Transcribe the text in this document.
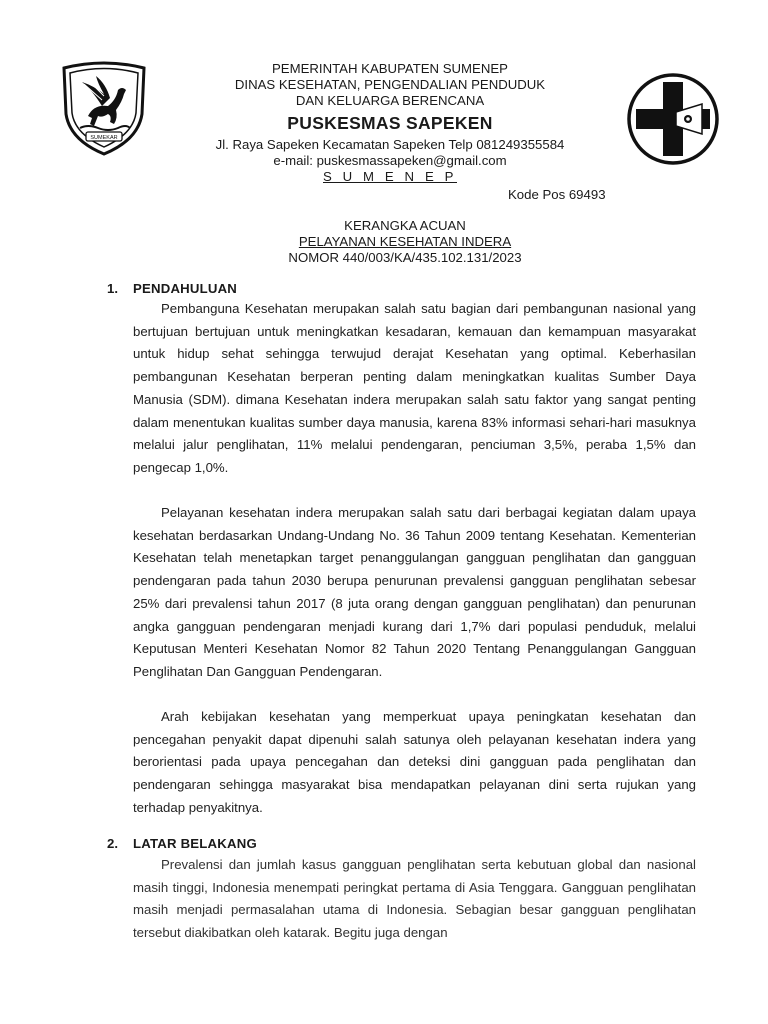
SUMEKAR
PEMERINTAH KABUPATEN SUMENEP
DINAS KESEHATAN, PENGENDALIAN PENDUDUK
DAN KELUARGA BERENCANA
PUSKESMAS SAPEKEN
Jl. Raya Sapeken Kecamatan Sapeken Telp 081249355584
e-mail: puskesmassapeken@gmail.com
S U M E N E P
Kode Pos 69493
KERANGKA ACUAN
PELAYANAN KESEHATAN INDERA
NOMOR 440/003/KA/435.102.131/2023
1. PENDAHULUAN

Pembanguna Kesehatan merupakan salah satu bagian dari pembangunan nasional yang bertujuan bertujuan untuk meningkatkan kesadaran, kemauan dan kemampuan masyarakat untuk hidup sehat sehingga terwujud derajat Kesehatan yang optimal. Keberhasilan pembangunan Kesehatan berperan penting dalam meningkatkan kualitas Sumber Daya Manusia (SDM). dimana Kesehatan indera merupakan salah satu faktor yang sangat penting dalam menentukan kualitas sumber daya manusia, karena 83% informasi sehari-hari masuknya melalui jalur penglihatan, 11% melalui pendengaran, penciuman 3,5%, peraba 1,5% dan pengecap 1,0%.

Pelayanan kesehatan indera merupakan salah satu dari berbagai kegiatan dalam upaya kesehatan berdasarkan Undang-Undang No. 36 Tahun 2009 tentang Kesehatan. Kementerian Kesehatan telah menetapkan target penanggulangan gangguan penglihatan dan gangguan pendengaran pada tahun 2030 berupa penurunan prevalensi gangguan penglihatan sebesar 25% dari prevalensi tahun 2017 (8 juta orang dengan gangguan penglihatan) dan penurunan angka gangguan pendengaran menjadi kurang dari 1,7% dari populasi penduduk, melalui Keputusan Menteri Kesehatan Nomor 82 Tahun 2020 Tentang Penanggulangan Gangguan Penglihatan Dan Gangguan Pendengaran.

Arah kebijakan kesehatan yang memperkuat upaya peningkatan kesehatan dan pencegahan penyakit dapat dipenuhi salah satunya oleh pelayanan kesehatan indera yang berorientasi pada upaya pencegahan dan deteksi dini gangguan pada penglihatan dan pendengaran sehingga masyarakat bisa mendapatkan pelayanan dini serta rujukan yang terhadap penyakitnya.

2. LATAR BELAKANG

Prevalensi dan jumlah kasus gangguan penglihatan serta kebutuan global dan nasional masih tinggi, Indonesia menempati peringkat pertama di Asia Tenggara. Gangguan penglihatan masih menjadi permasalahan utama di Indonesia. Sebagian besar gangguan penglihatan tersebut diakibatkan oleh katarak. Begitu juga dengan
